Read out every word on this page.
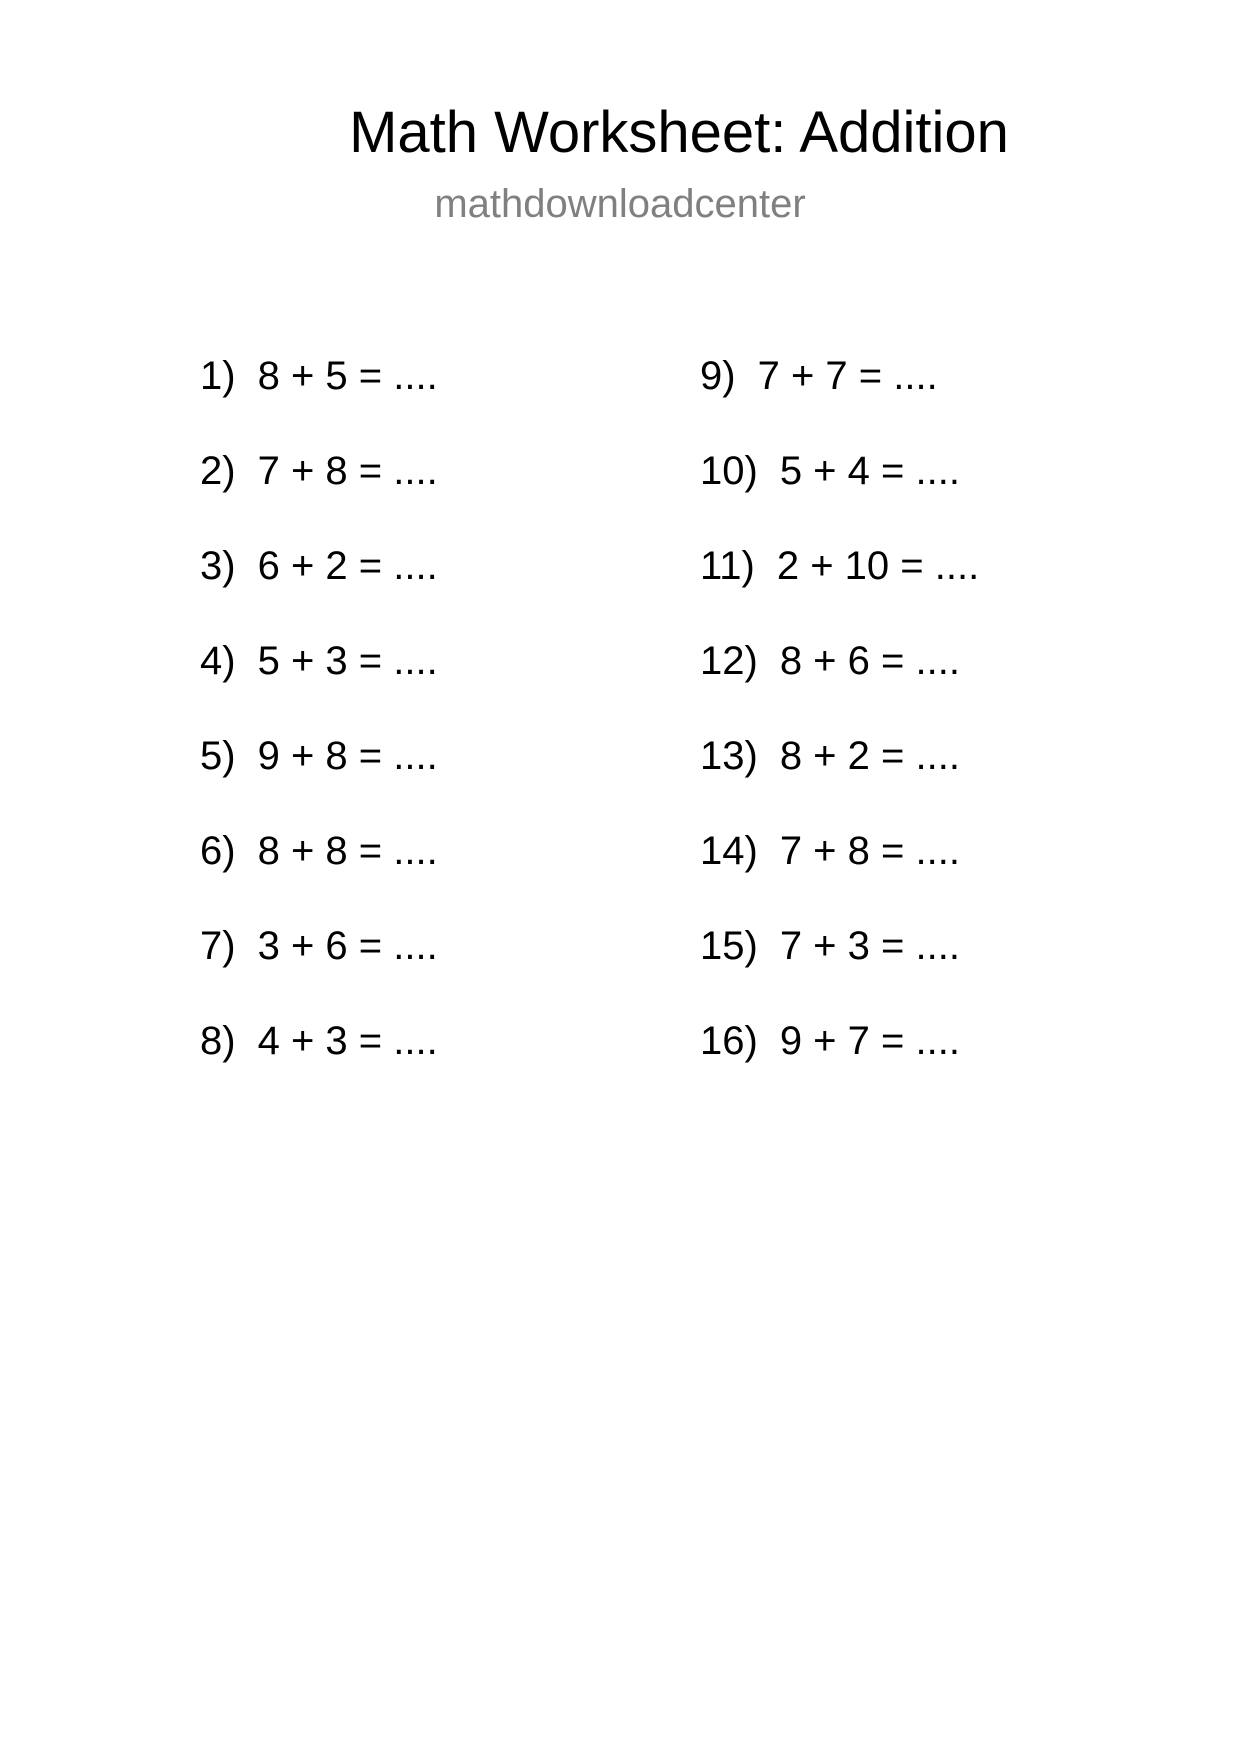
Math Worksheet: Addition
mathdownloadcenter
1) 8 + 5 = ....
2) 7 + 8 = ....
3) 6 + 2 = ....
4) 5 + 3 = ....
5) 9 + 8 = ....
6) 8 + 8 = ....
7) 3 + 6 = ....
8) 4 + 3 = ....
9) 7 + 7 = ....
10) 5 + 4 = ....
11) 2 + 10 = ....
12) 8 + 6 = ....
13) 8 + 2 = ....
14) 7 + 8 = ....
15) 7 + 3 = ....
16) 9 + 7 = ....
